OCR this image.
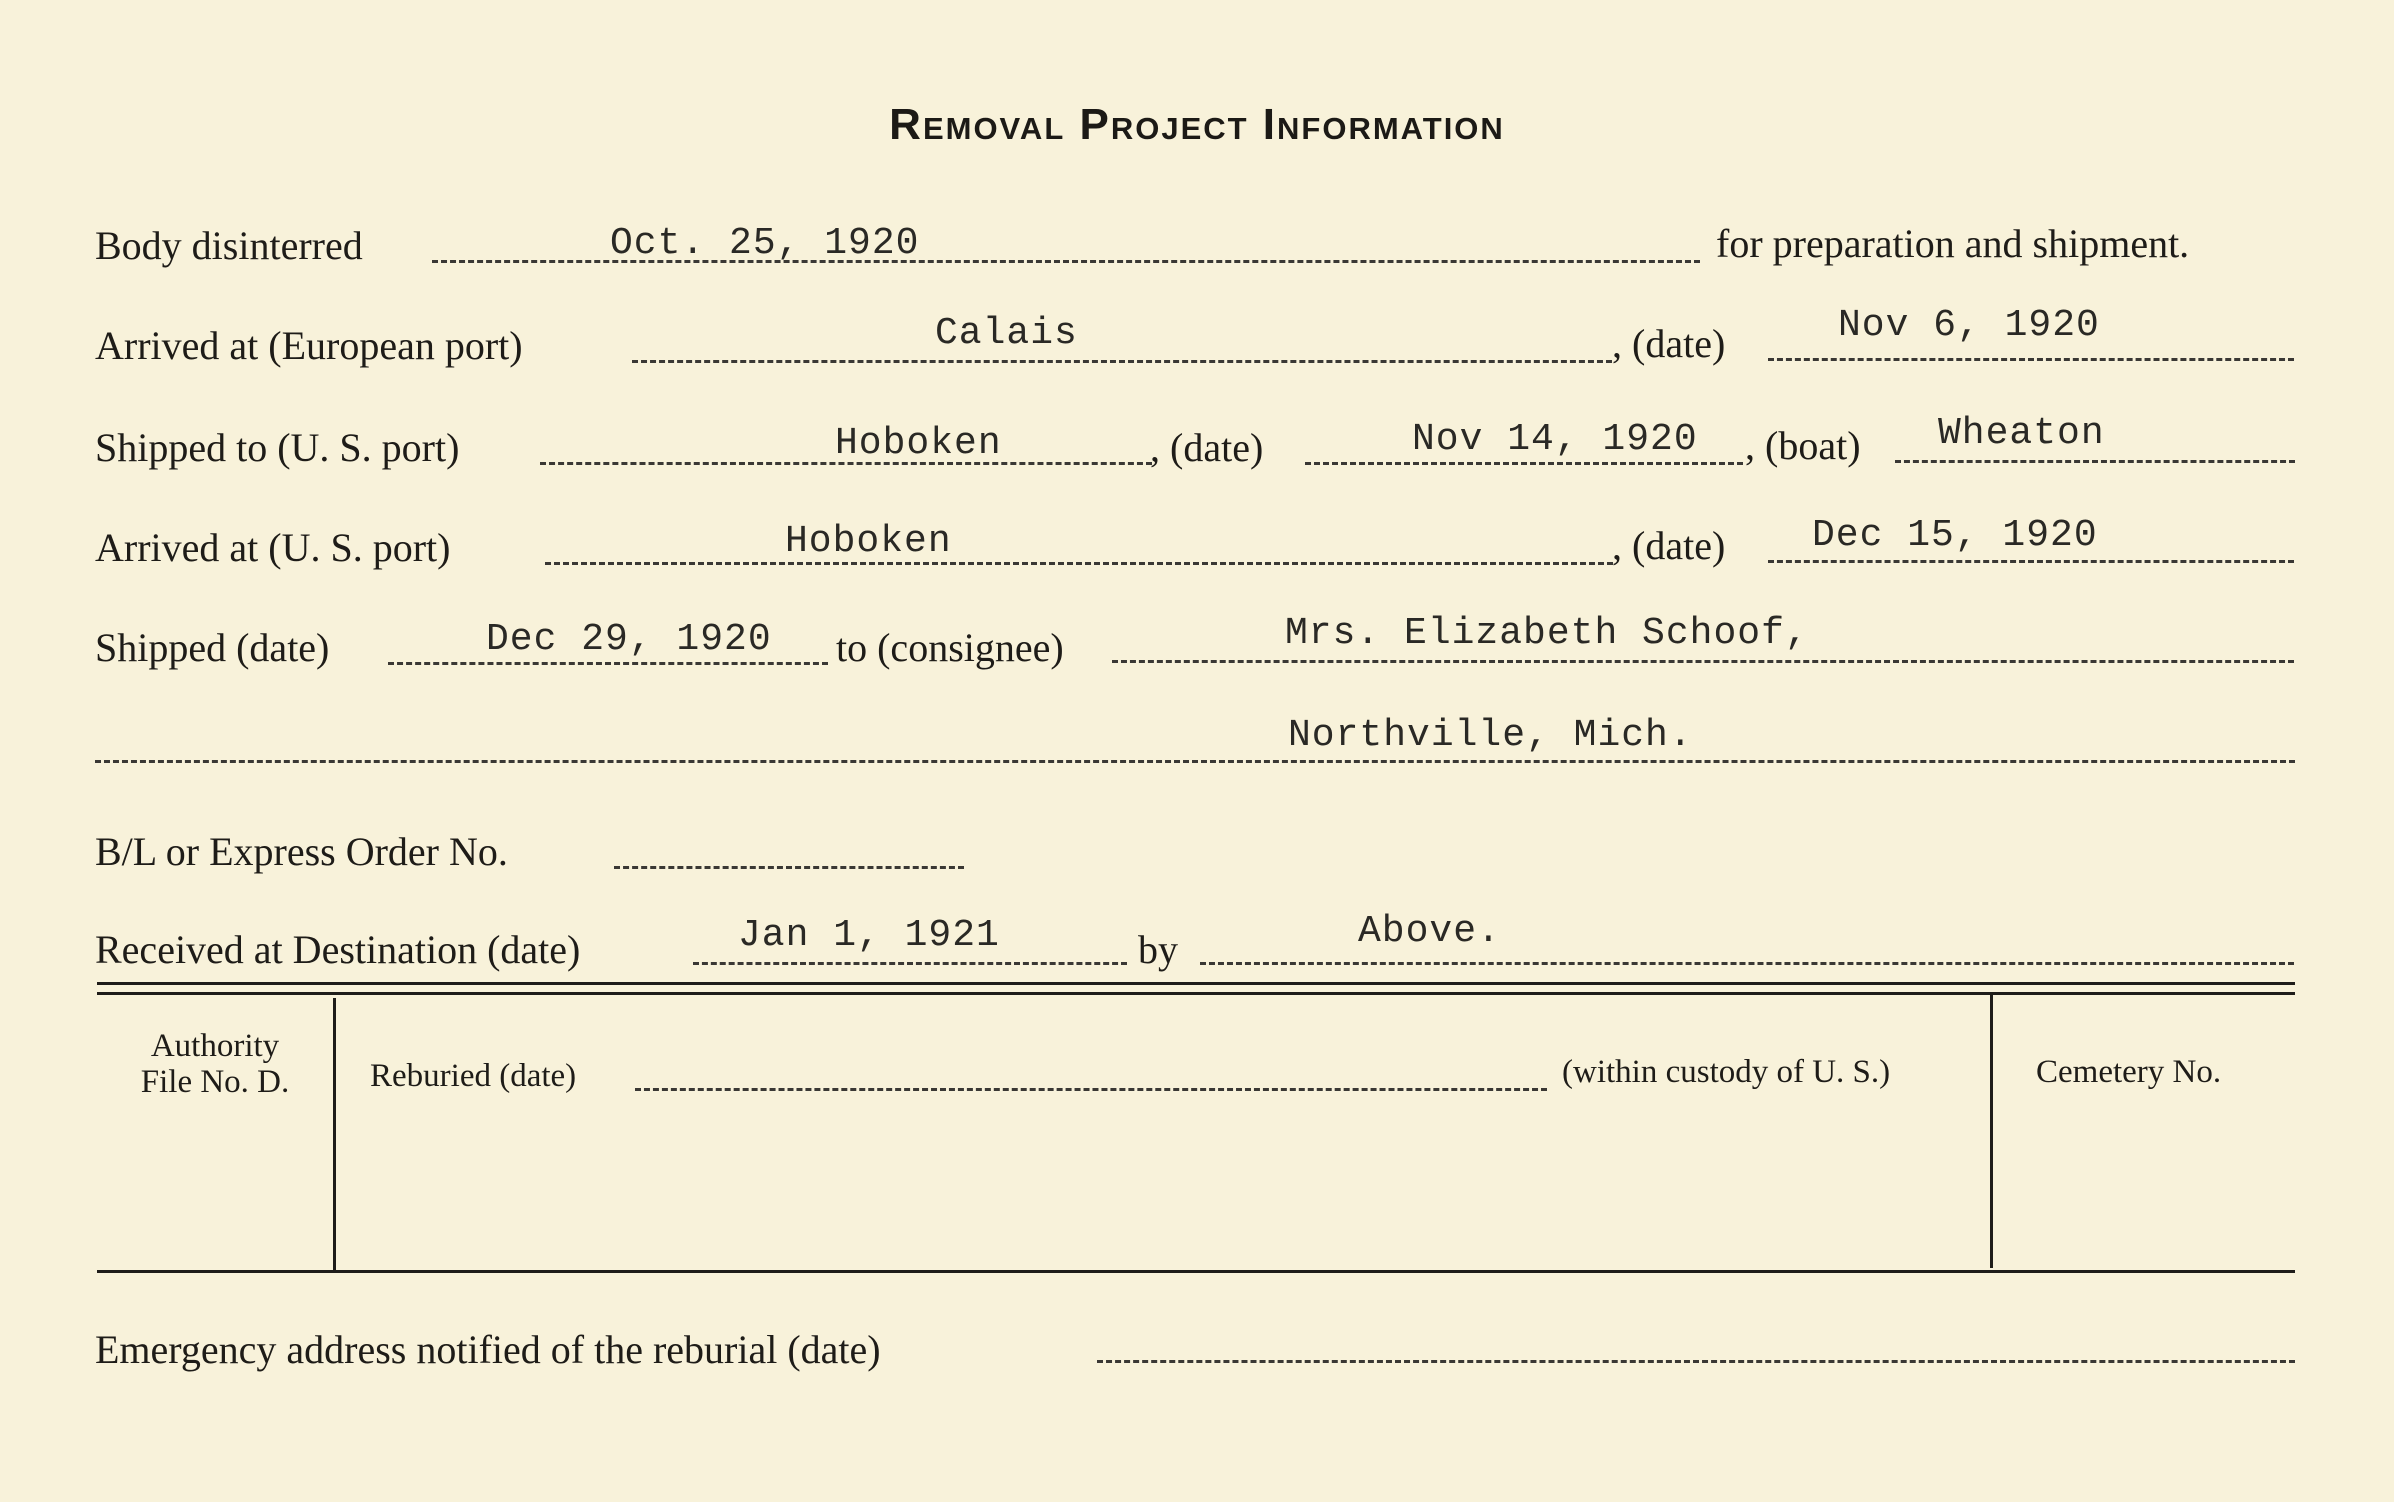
Removal Project Information
Body disinterred	Oct. 25, 1920	for preparation and shipment.
Arrived at (European port)	Calais	, (date)	Nov 6, 1920
Shipped to (U. S. port)	Hoboken	, (date)	Nov 14, 1920 , (boat) Wheaton
Arrived at (U. S. port)	Hoboken	, (date) Dec 15, 1920
Shipped (date)	Dec 29, 1920 to (consignee)	Mrs. Elizabeth Schoof,
Northville, Mich.
B/L or Express Order No.
Received at Destination (date)	Jan 1, 1921	by	Above.
Authority
File No. D.	Reburied (date)	(within custody of U. S.)	Cemetery No.
Emergency address notified of the reburial (date)
